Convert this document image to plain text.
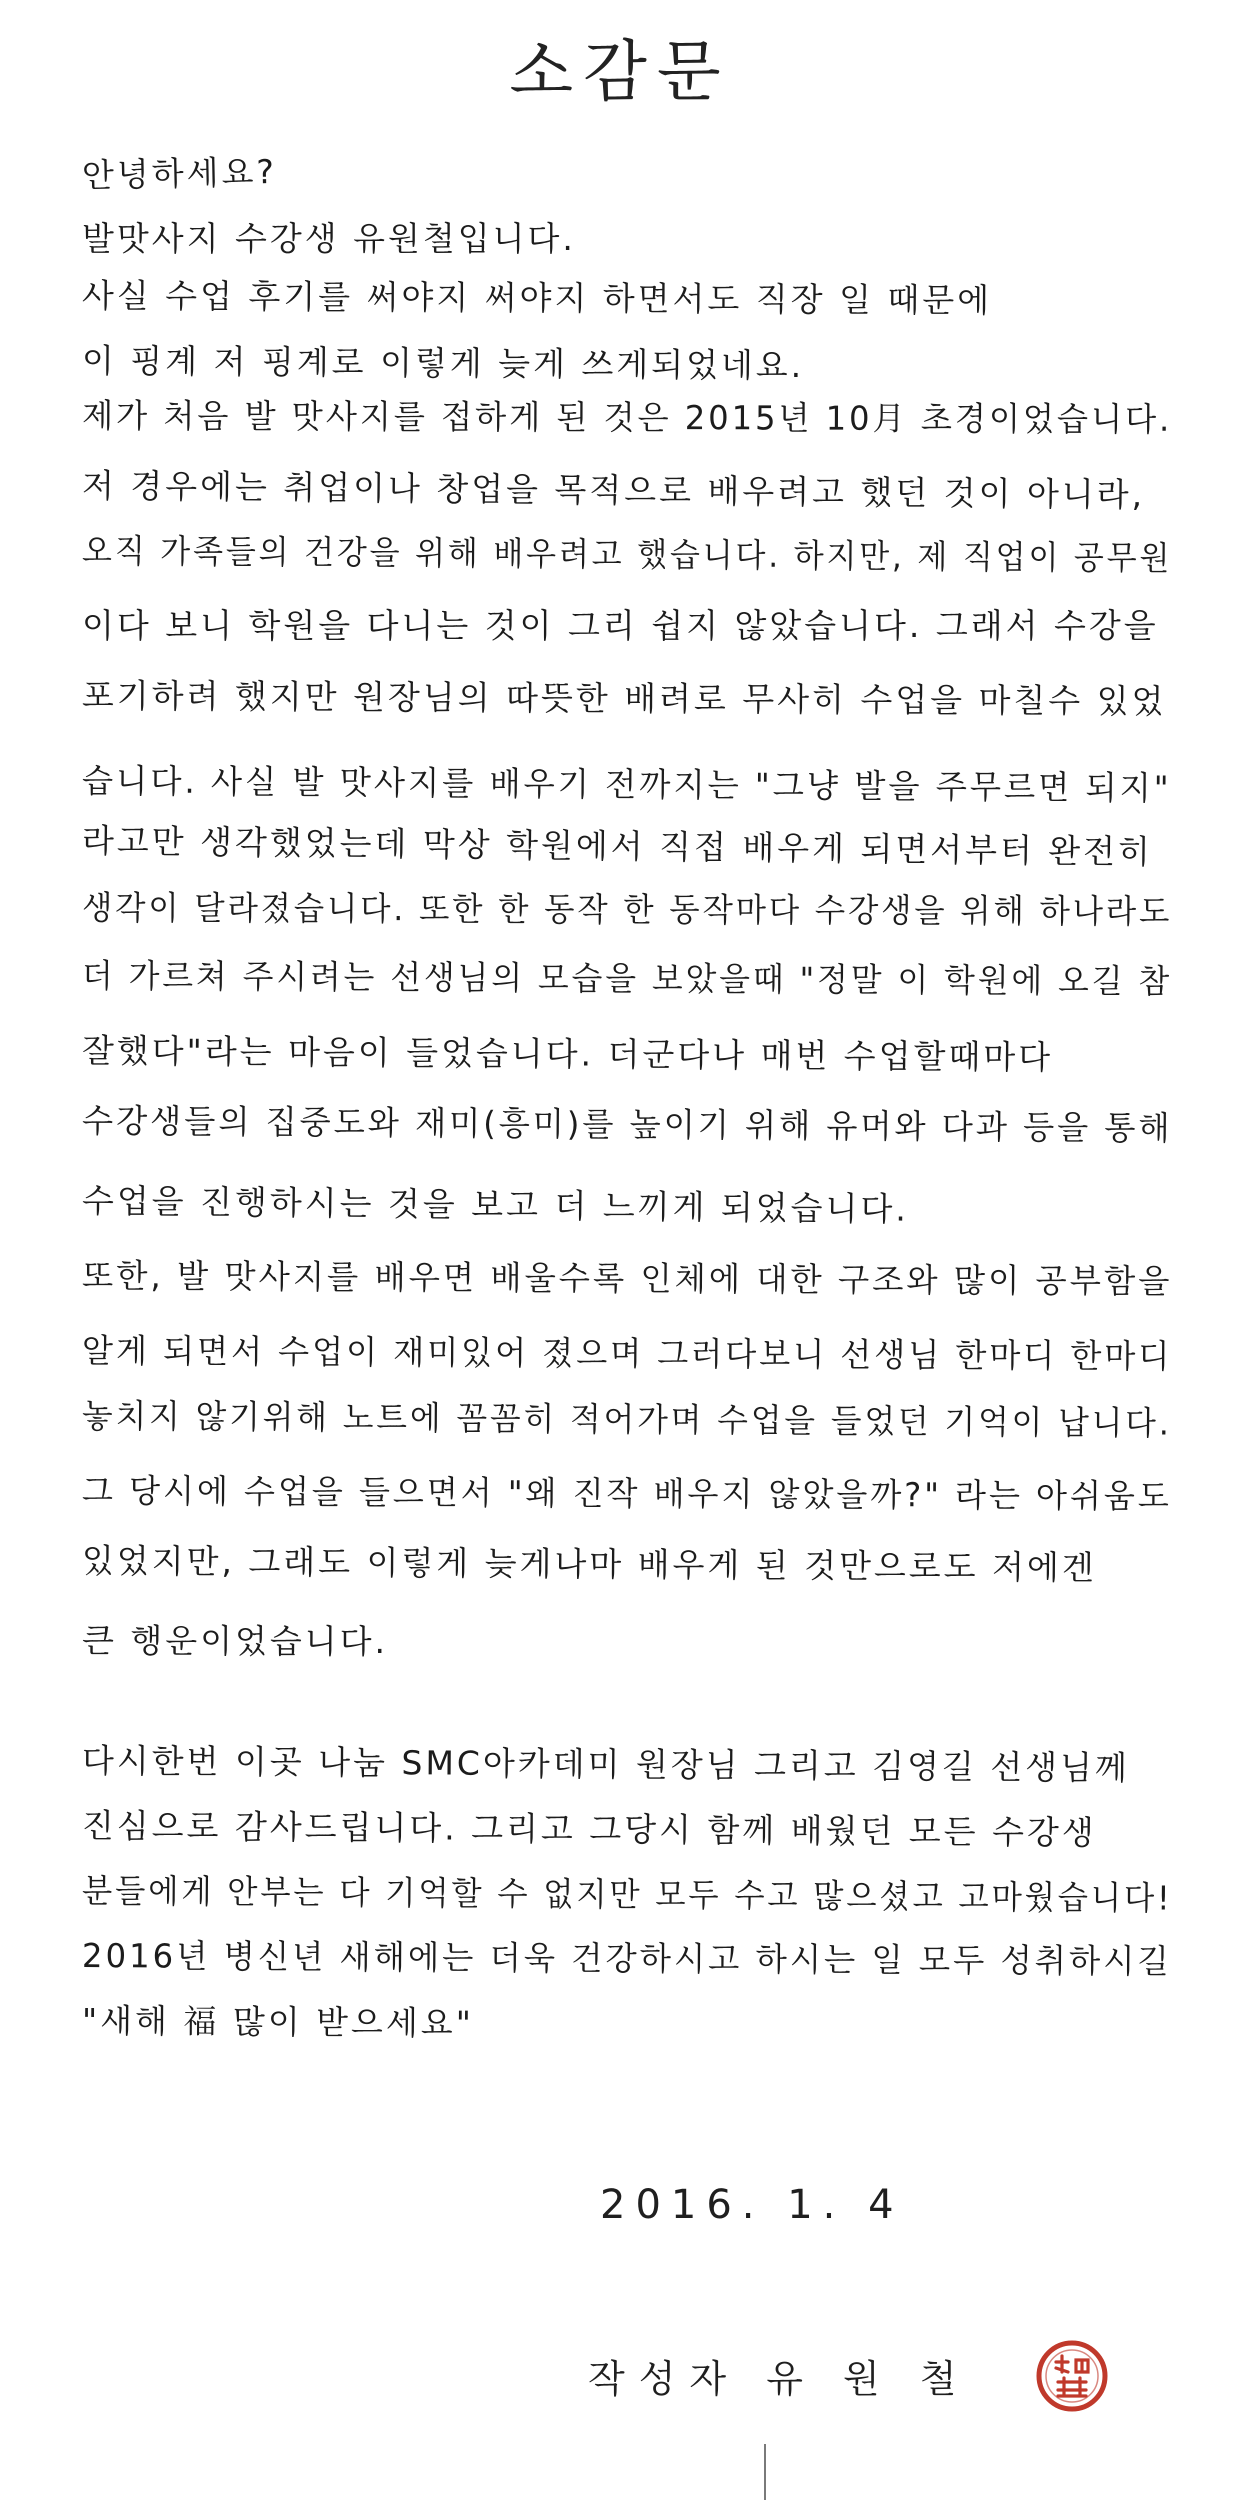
소감문
안녕하세요?
발맛사지 수강생 유원철입니다.
사실 수업 후기를 써야지 써야지 하면서도 직장 일 때문에
이 핑계 저 핑계로 이렇게 늦게 쓰게되었네요.
제가 처음 발 맛사지를 접하게 된 것은 2015년 10月 초경이었습니다.
저 경우에는 취업이나 창업을 목적으로 배우려고 했던 것이 아니라,
오직 가족들의 건강을 위해 배우려고 했습니다. 하지만, 제 직업이 공무원
이다 보니 학원을 다니는 것이 그리 쉽지 않았습니다. 그래서 수강을
포기하려 했지만 원장님의 따뜻한 배려로 무사히 수업을 마칠수 있었
습니다. 사실 발 맛사지를 배우기 전까지는 "그냥 발을 주무르면 되지"
라고만 생각했었는데 막상 학원에서 직접 배우게 되면서부터 완전히
생각이 달라졌습니다. 또한 한 동작 한 동작마다 수강생을 위해 하나라도
더 가르쳐 주시려는 선생님의 모습을 보았을때 "정말 이 학원에 오길 참
잘했다"라는 마음이 들었습니다. 더군다나 매번 수업할때마다
수강생들의 집중도와 재미(흥미)를 높이기 위해 유머와 다과 등을 통해
수업을 진행하시는 것을 보고 더 느끼게 되었습니다.
또한, 발 맛사지를 배우면 배울수록 인체에 대한 구조와 많이 공부함을
알게 되면서 수업이 재미있어 졌으며 그러다보니 선생님 한마디 한마디
놓치지 않기위해 노트에 꼼꼼히 적어가며 수업을 들었던 기억이 납니다.
그 당시에 수업을 들으면서 "왜 진작 배우지 않았을까?" 라는 아쉬움도
있었지만, 그래도 이렇게 늦게나마 배우게 된 것만으로도 저에겐
큰 행운이었습니다.
다시한번 이곳 나눔 SMC아카데미 원장님 그리고 김영길 선생님께
진심으로 감사드립니다. 그리고 그당시 함께 배웠던 모든 수강생
분들에게 안부는 다 기억할 수 없지만 모두 수고 많으셨고 고마웠습니다!
2016년 병신년 새해에는 더욱 건강하시고 하시는 일 모두 성취하시길
"새해 福 많이 받으세요"
2016. 1. 4
작성자 유 원 철
